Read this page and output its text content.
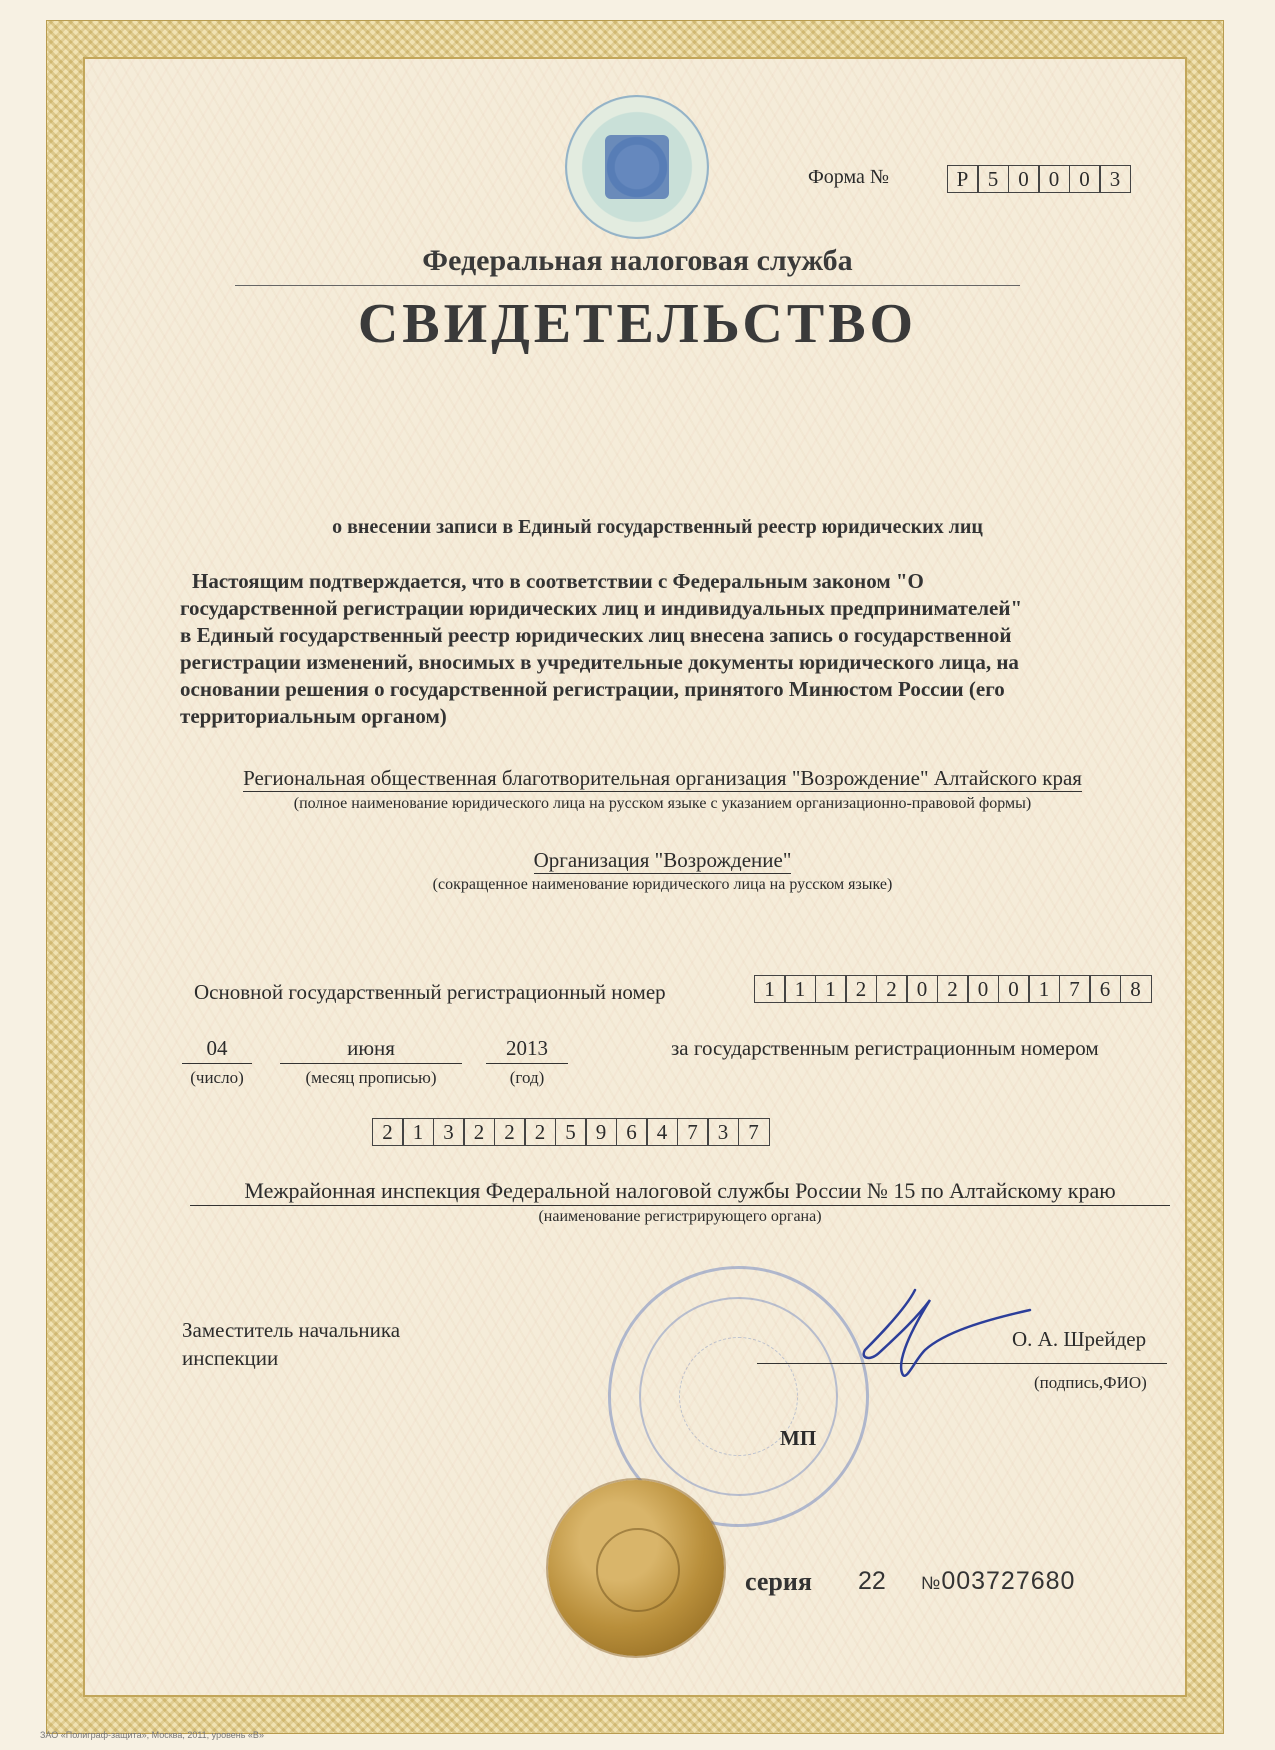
Форма №	Р 5 0 0 0 3
Федеральная налоговая служба
СВИДЕТЕЛЬСТВО
о внесении записи в Единый государственный реестр юридических лиц
Настоящим подтверждается, что в соответствии с Федеральным законом "О
государственной регистрации юридических лиц и индивидуальных предпринимателей"
в Единый государственный реестр юридических лиц внесена запись о государственной
регистрации изменений, вносимых в учредительные документы юридического лица, на
основании решения о государственной регистрации, принятого Минюстом России (его
территориальным органом)
Региональная общественная благотворительная организация "Возрождение" Алтайского края
(полное наименование юридического лица на русском языке с указанием организационно-правовой формы)
Организация "Возрождение"
(сокращенное наименование юридического лица на русском языке)
Основной государственный регистрационный номер	1 1 1 2 2 0 2 0 0 1 7 6 8
04
(число)
июня
(месяц прописью)
2013
(год)
за государственным регистрационным номером
2 1 3 2 2 2 5 9 6 4 7 3 7
Межрайонная инспекция Федеральной налоговой службы России № 15 по Алтайскому краю
(наименование регистрирующего органа)
Заместитель начальника
инспекции
О. А. Шрейдер
(подпись,ФИО)
МП
серия 22 №003727680
ЗАО «Полиграф-защита», Москва, 2011, уровень «В»
